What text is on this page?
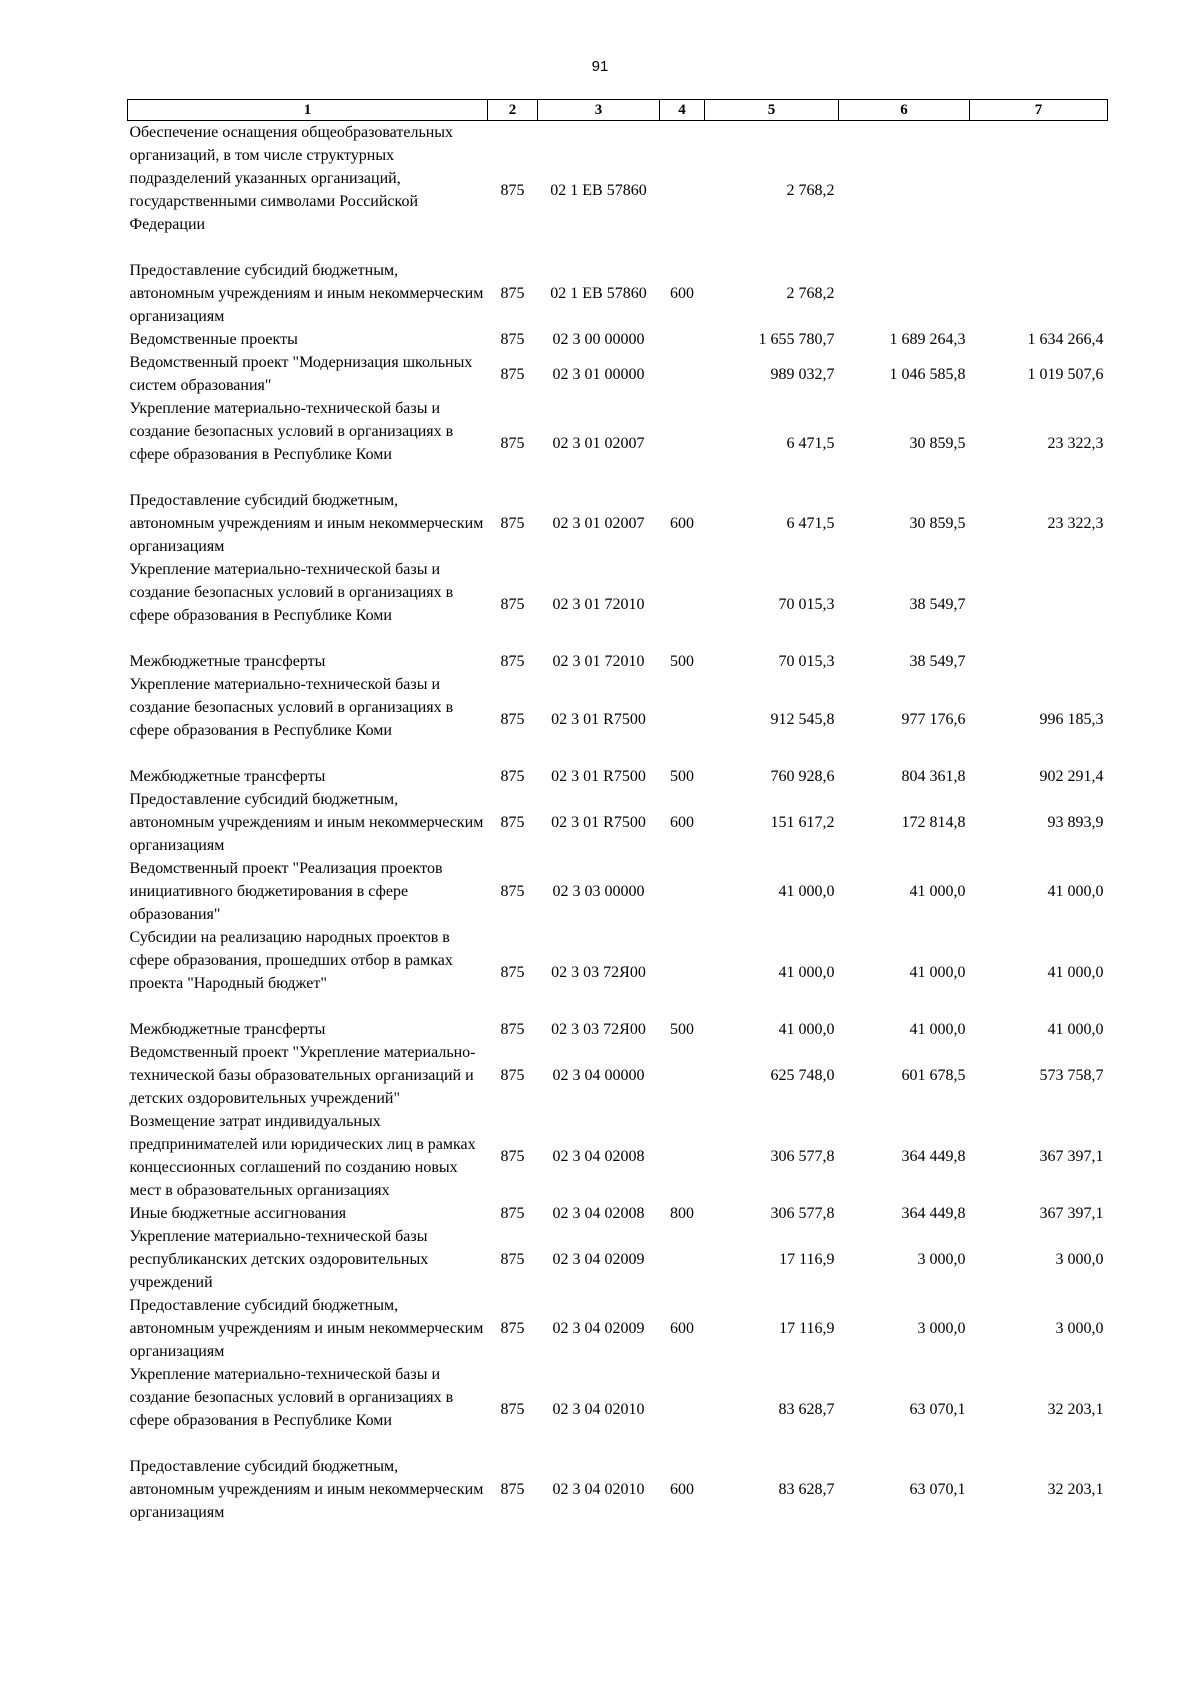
91
1	2	3	4	5	6	7
Обеспечение оснащения общеобразовательных организаций, в том числе структурных подразделений указанных организаций, государственными символами Российской Федерации	875	02 1 ЕВ 57860		2 768,2		
Предоставление субсидий бюджетным, автономным учреждениям и иным некоммерческим организациям	875	02 1 ЕВ 57860	600	2 768,2		
Ведомственные проекты	875	02 3 00 00000		1 655 780,7	1 689 264,3	1 634 266,4
Ведомственный проект "Модернизация школьных систем образования"	875	02 3 01 00000		989 032,7	1 046 585,8	1 019 507,6
Укрепление материально-технической базы и создание безопасных условий в организациях в сфере образования в Республике Коми	875	02 3 01 02007		6 471,5	30 859,5	23 322,3
Предоставление субсидий бюджетным, автономным учреждениям и иным некоммерческим организациям	875	02 3 01 02007	600	6 471,5	30 859,5	23 322,3
Укрепление материально-технической базы и создание безопасных условий в организациях в сфере образования в Республике Коми	875	02 3 01 72010		70 015,3	38 549,7	
Межбюджетные трансферты	875	02 3 01 72010	500	70 015,3	38 549,7	
Укрепление материально-технической базы и создание безопасных условий в организациях в сфере образования в Республике Коми	875	02 3 01 R7500		912 545,8	977 176,6	996 185,3
Межбюджетные трансферты	875	02 3 01 R7500	500	760 928,6	804 361,8	902 291,4
Предоставление субсидий бюджетным, автономным учреждениям и иным некоммерческим организациям	875	02 3 01 R7500	600	151 617,2	172 814,8	93 893,9
Ведомственный проект "Реализация проектов инициативного бюджетирования в сфере образования"	875	02 3 03 00000		41 000,0	41 000,0	41 000,0
Субсидии на реализацию народных проектов в сфере образования, прошедших отбор в рамках проекта "Народный бюджет"	875	02 3 03 72Я00		41 000,0	41 000,0	41 000,0
Межбюджетные трансферты	875	02 3 03 72Я00	500	41 000,0	41 000,0	41 000,0
Ведомственный проект "Укрепление материально-технической базы образовательных организаций и детских оздоровительных учреждений"	875	02 3 04 00000		625 748,0	601 678,5	573 758,7
Возмещение затрат индивидуальных предпринимателей или юридических лиц в рамках концессионных соглашений по созданию новых мест в образовательных организациях	875	02 3 04 02008		306 577,8	364 449,8	367 397,1
Иные бюджетные ассигнования	875	02 3 04 02008	800	306 577,8	364 449,8	367 397,1
Укрепление материально-технической базы республиканских детских оздоровительных учреждений	875	02 3 04 02009		17 116,9	3 000,0	3 000,0
Предоставление субсидий бюджетным, автономным учреждениям и иным некоммерческим организациям	875	02 3 04 02009	600	17 116,9	3 000,0	3 000,0
Укрепление материально-технической базы и создание безопасных условий в организациях в сфере образования в Республике Коми	875	02 3 04 02010		83 628,7	63 070,1	32 203,1
Предоставление субсидий бюджетным, автономным учреждениям и иным некоммерческим организациям	875	02 3 04 02010	600	83 628,7	63 070,1	32 203,1
